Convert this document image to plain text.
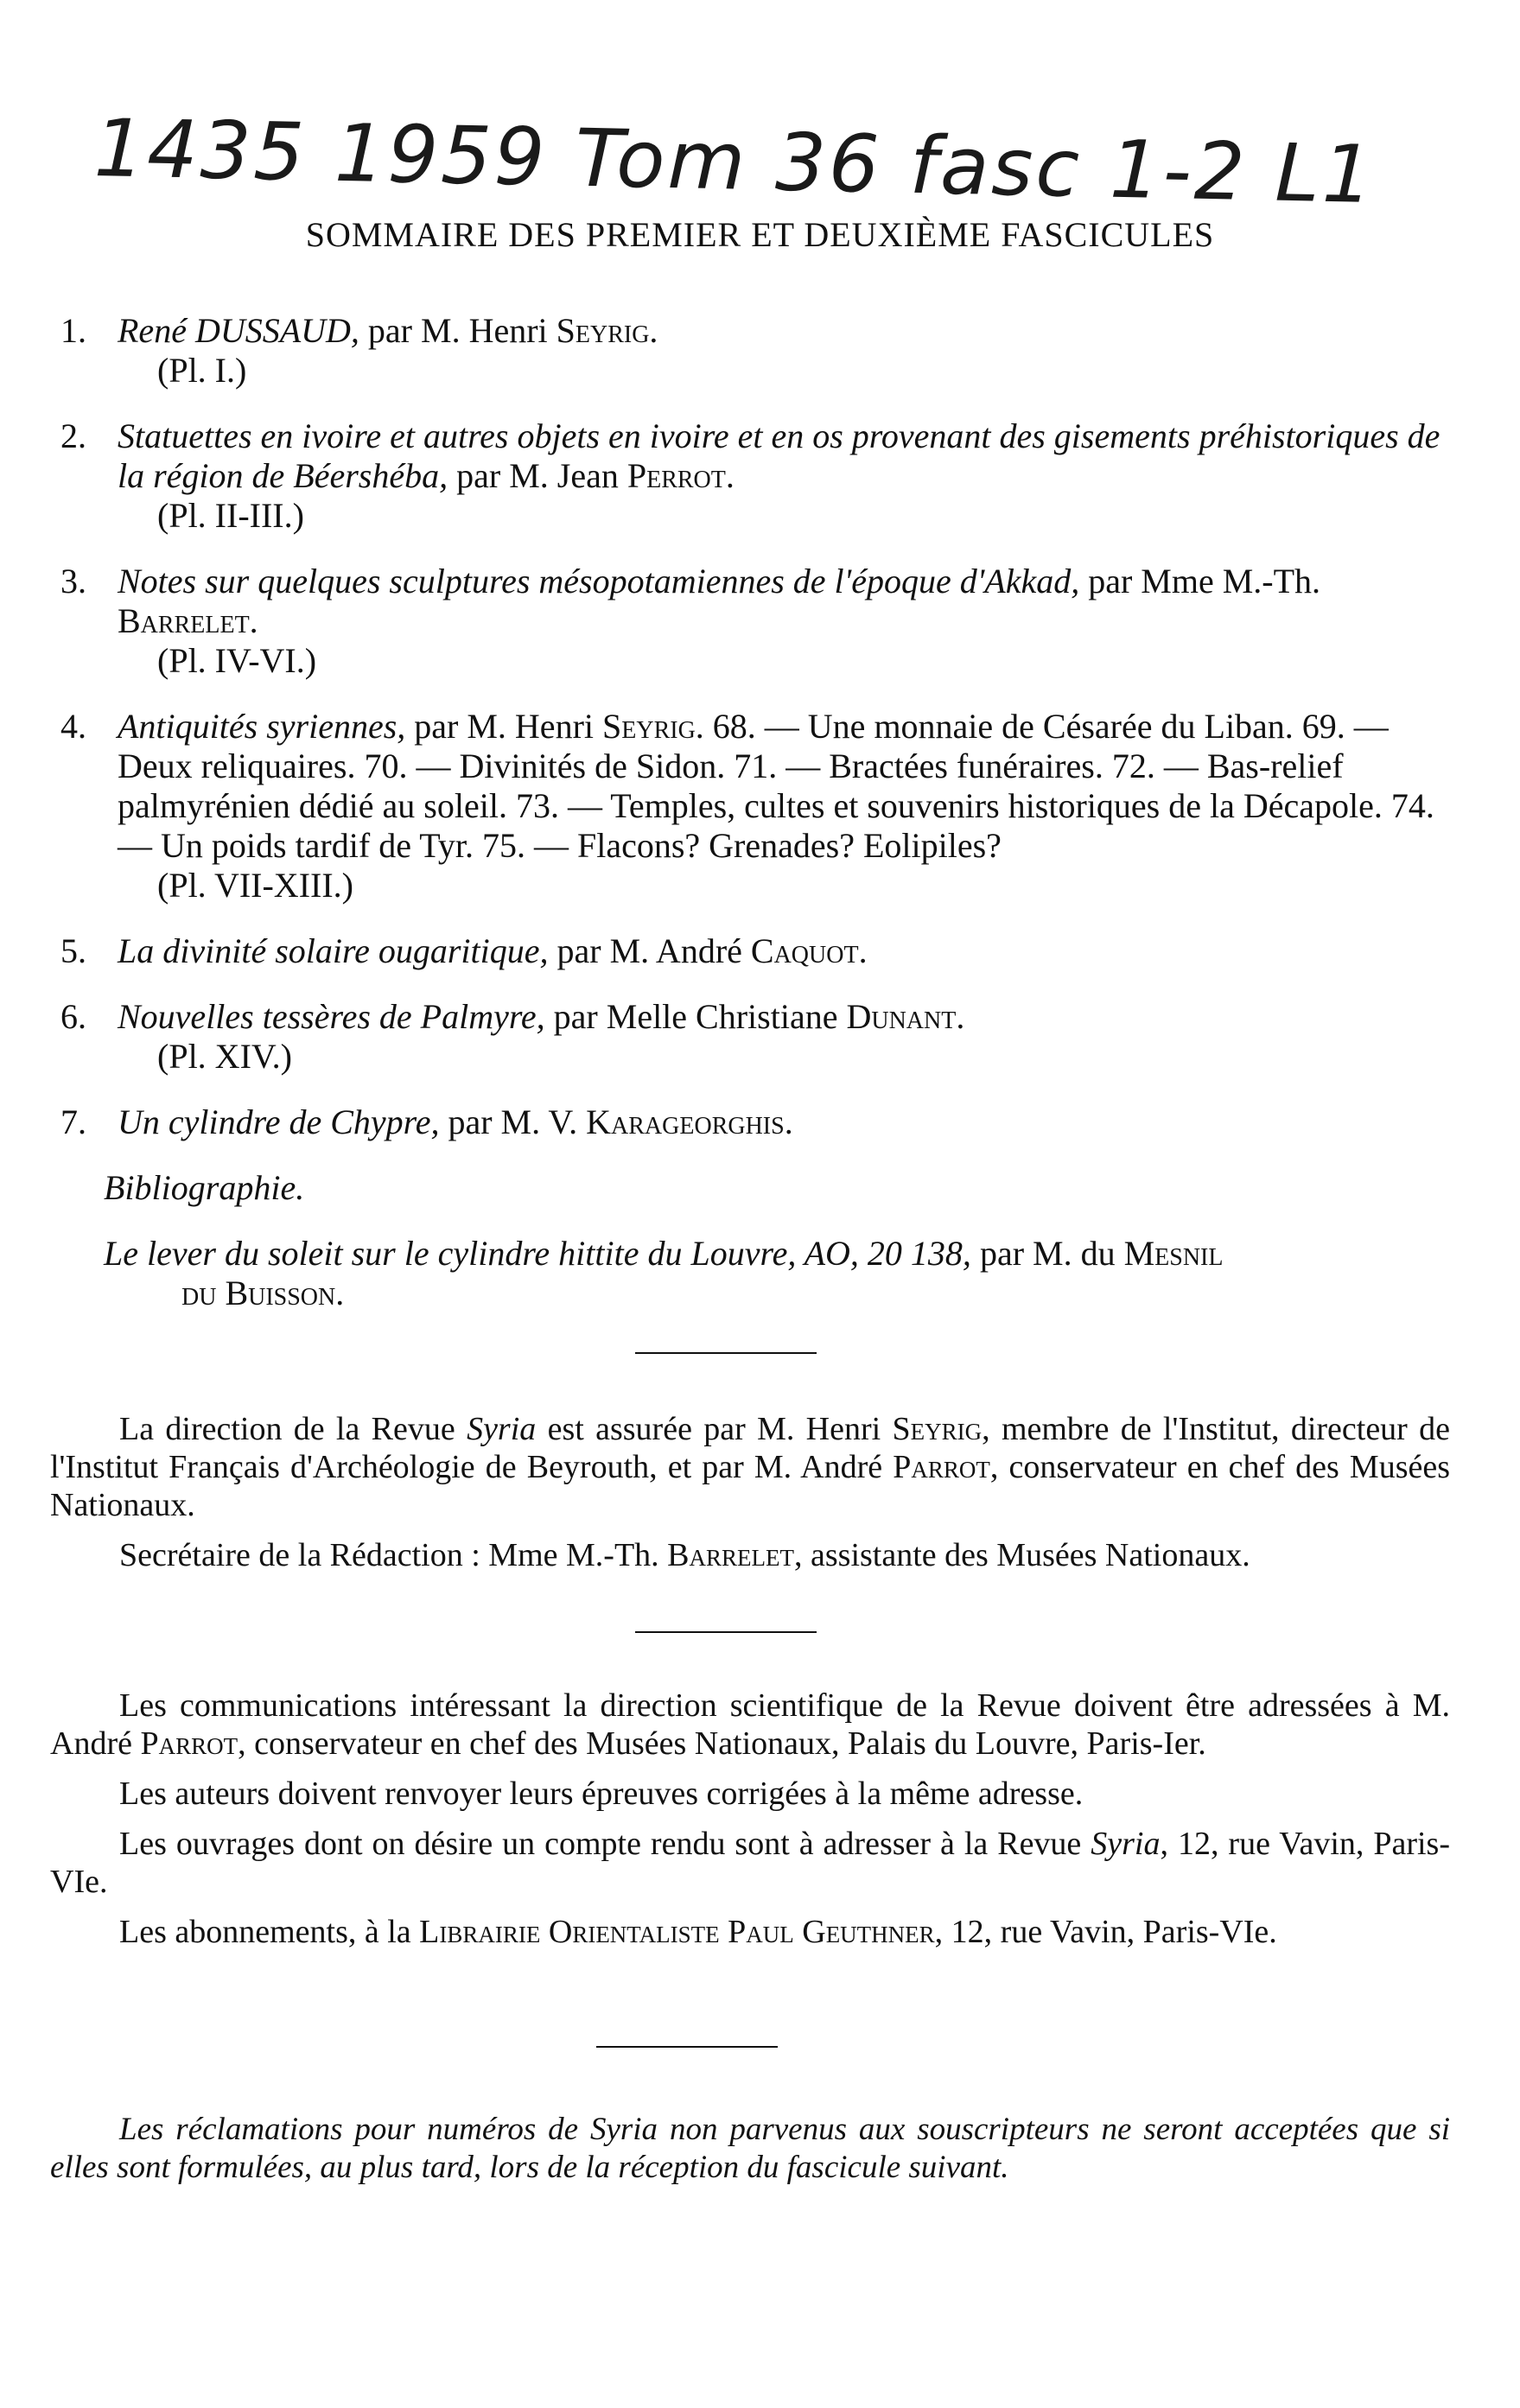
1435 1959 Tom 36 fasc 1-2 L1
SOMMAIRE DES PREMIER ET DEUXIÈME FASCICULES
1. René DUSSAUD, par M. Henri Seyrig.
(Pl. I.)
2. Statuettes en ivoire et autres objets en ivoire et en os provenant des gisements préhistoriques de la région de Béershéba, par M. Jean Perrot.
(Pl. II-III.)
3. Notes sur quelques sculptures mésopotamiennes de l'époque d'Akkad, par Mme M.-Th. Barrelet.
(Pl. IV-VI.)
4. Antiquités syriennes, par M. Henri Seyrig. 68. — Une monnaie de Césarée du Liban. 69. — Deux reliquaires. 70. — Divinités de Sidon. 71. — Bractées funéraires. 72. — Bas-relief palmyrénien dédié au soleil. 73. — Temples, cultes et souvenirs historiques de la Décapole. 74. — Un poids tardif de Tyr. 75. — Flacons? Grenades? Eolipiles?
(Pl. VII-XIII.)
5. La divinité solaire ougaritique, par M. André Caquot.
6. Nouvelles tessères de Palmyre, par Melle Christiane Dunant.
(Pl. XIV.)
7. Un cylindre de Chypre, par M. V. Karageorghis.
Bibliographie.
Le lever du soleit sur le cylindre hittite du Louvre, AO, 20 138, par M. du Mesnil
du Buisson.

La direction de la Revue Syria est assurée par M. Henri Seyrig, membre de l'Institut, directeur de l'Institut Français d'Archéologie de Beyrouth, et par M. André Parrot, conservateur en chef des Musées Nationaux.

Secrétaire de la Rédaction : Mme M.-Th. Barrelet, assistante des Musées Nationaux.

Les communications intéressant la direction scientifique de la Revue doivent être adressées à M. André Parrot, conservateur en chef des Musées Nationaux, Palais du Louvre, Paris-Ier.

Les auteurs doivent renvoyer leurs épreuves corrigées à la même adresse.

Les ouvrages dont on désire un compte rendu sont à adresser à la Revue Syria, 12, rue Vavin, Paris-VIe.

Les abonnements, à la Librairie Orientaliste Paul Geuthner, 12, rue Vavin, Paris-VIe.

Les réclamations pour numéros de Syria non parvenus aux souscripteurs ne seront acceptées que si elles sont formulées, au plus tard, lors de la réception du fascicule suivant.
